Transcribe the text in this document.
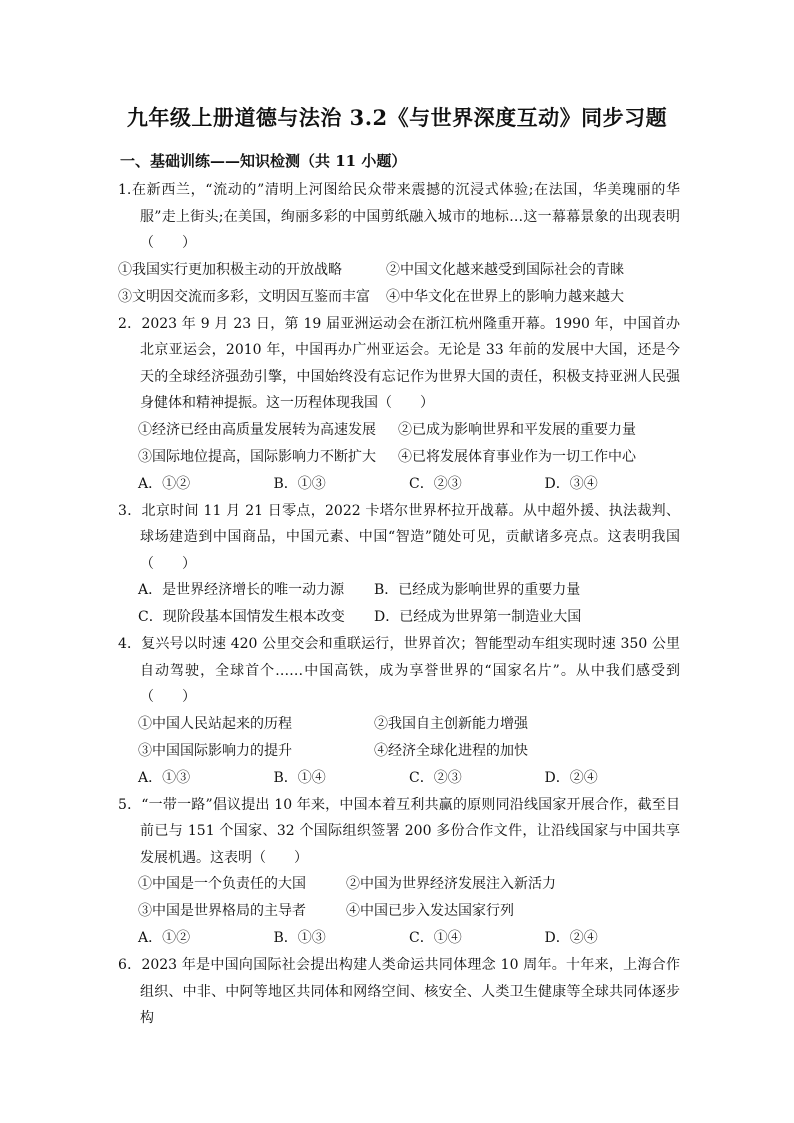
九年级上册道德与法治 3.2《与世界深度互动》同步习题
一、基础训练——知识检测（共 11 小题）

1.在新西兰，“流动的”清明上河图给民众带来震撼的沉浸式体验;在法国，华美瑰丽的华服”走上街头;在美国，绚丽多彩的中国剪纸融入城市的地标…这一幕幕景象的出现表明（　　）

①我国实行更加积极主动的开放战略	②中国文化越来越受到国际社会的青睐
③文明因交流而多彩，文明因互鉴而丰富	④中华文化在世界上的影响力越来越大

2．2023 年 9 月 23 日，第 19 届亚洲运动会在浙江杭州隆重开幕。1990 年，中国首办北京亚运会，2010 年，中国再办广州亚运会。无论是 33 年前的发展中大国，还是今天的全球经济强劲引擎，中国始终没有忘记作为世界大国的责任，积极支持亚洲人民强身健体和精神提振。这一历程体现我国（　　）

①经济已经由高质量发展转为高速发展	②已成为影响世界和平发展的重要力量
③国际地位提高，国际影响力不断扩大	④已将发展体育事业作为一切工作中心
A．①②	B．①③	C．②③	D．③④

3．北京时间 11 月 21 日零点，2022 卡塔尔世界杯拉开战幕。从中超外援、执法裁判、球场建造到中国商品，中国元素、中国“智造”随处可见，贡献诸多亮点。这表明我国（　　）

A．是世界经济增长的唯一动力源	B．已经成为影响世界的重要力量
C．现阶段基本国情发生根本改变	D．已经成为世界第一制造业大国

4．复兴号以时速 420 公里交会和重联运行，世界首次；智能型动车组实现时速 350 公里自动驾驶，全球首个……中国高铁，成为享誉世界的“国家名片”。从中我们感受到（　　）

①中国人民站起来的历程	②我国自主创新能力增强
③中国国际影响力的提升	④经济全球化进程的加快
A．①③	B．①④	C．②③	D．②④

5．“一带一路”倡议提出 10 年来，中国本着互利共赢的原则同沿线国家开展合作，截至目前已与 151 个国家、32 个国际组织签署 200 多份合作文件，让沿线国家与中国共享发展机遇。这表明（　　）

①中国是一个负责任的大国	②中国为世界经济发展注入新活力
③中国是世界格局的主导者	④中国已步入发达国家行列
A．①②	B．①③	C．①④	D．②④

6．2023 年是中国向国际社会提出构建人类命运共同体理念 10 周年。十年来，上海合作组织、中非、中阿等地区共同体和网络空间、核安全、人类卫生健康等全球共同体逐步构
